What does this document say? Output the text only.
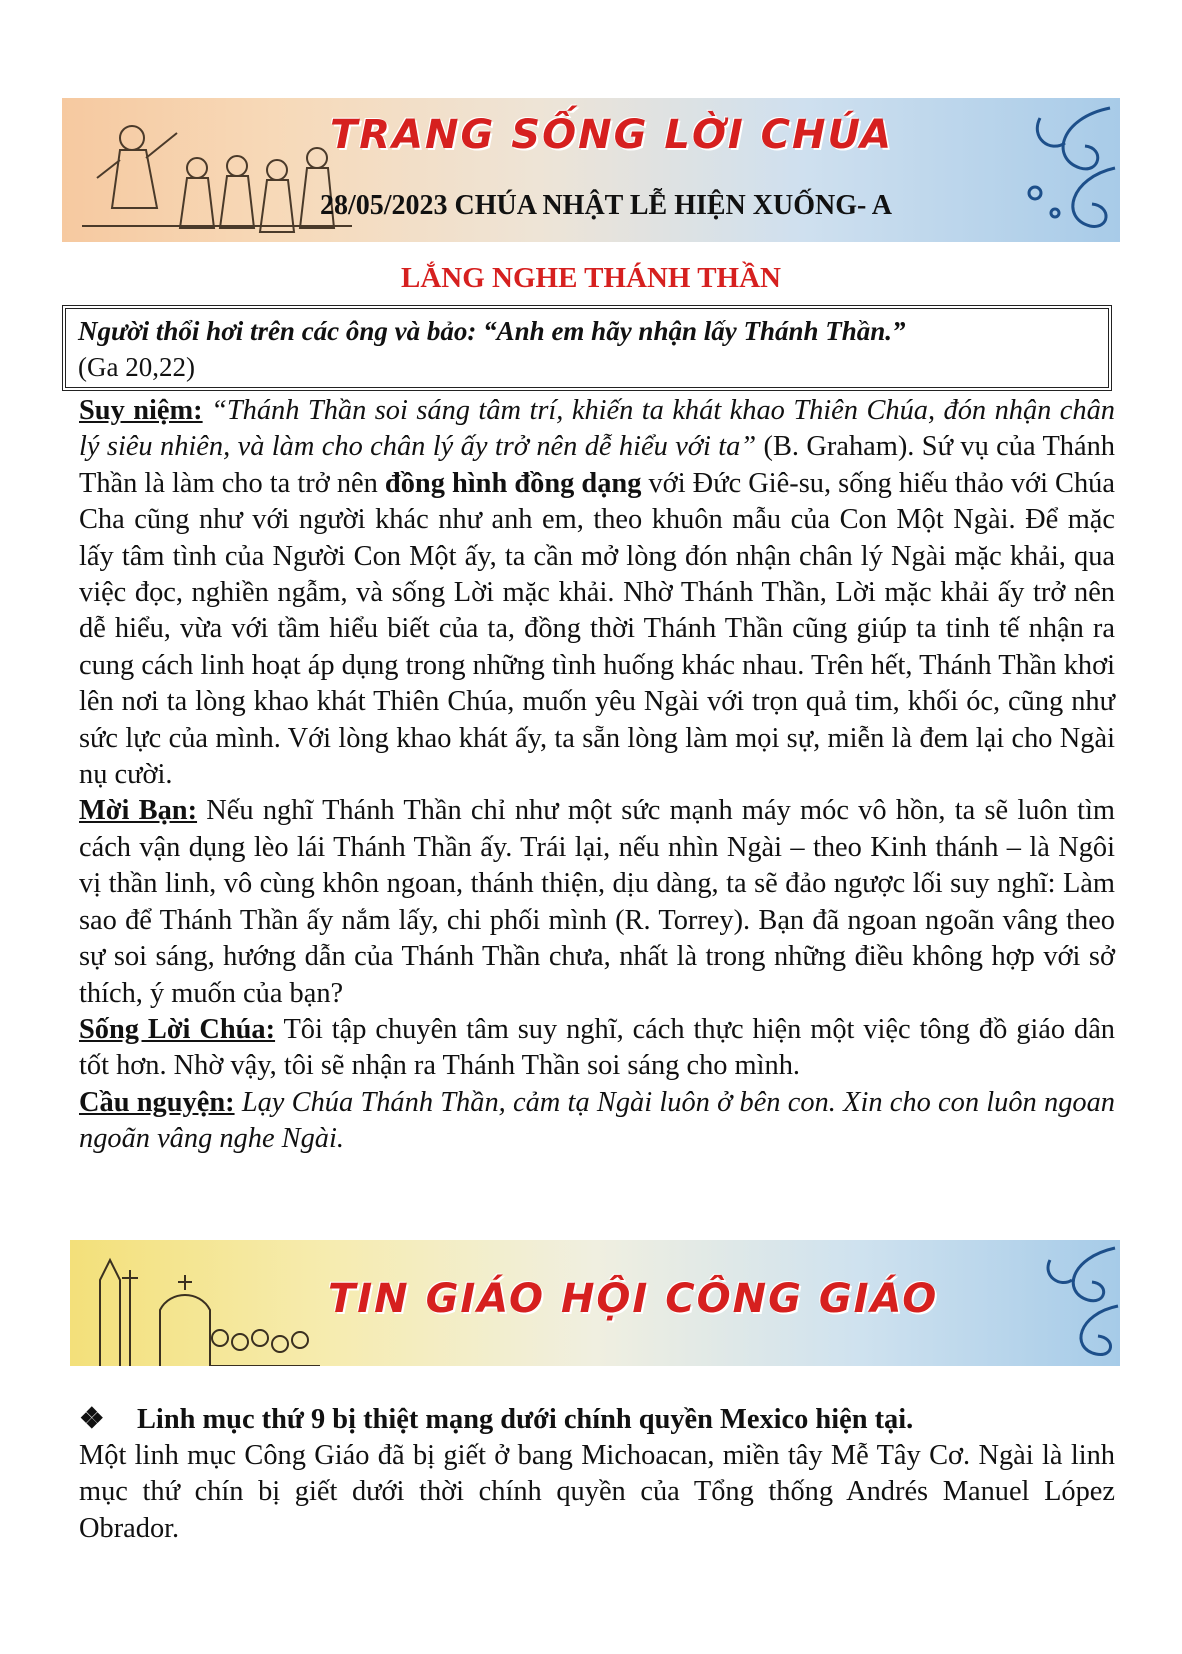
TRANG SỐNG LỜI CHÚA
28/05/2023 CHÚA NHẬT LỄ HIỆN XUỐNG- A
LẮNG NGHE THÁNH THẦN
Người thổi hơi trên các ông và bảo: “Anh em hãy nhận lấy Thánh Thần.”
(Ga 20,22)

Suy niệm: “Thánh Thần soi sáng tâm trí, khiến ta khát khao Thiên Chúa, đón nhận chân lý siêu nhiên, và làm cho chân lý ấy trở nên dễ hiểu với ta” (B. Graham). Sứ vụ của Thánh Thần là làm cho ta trở nên đồng hình đồng dạng với Đức Giê-su, sống hiếu thảo với Chúa Cha cũng như với người khác như anh em, theo khuôn mẫu của Con Một Ngài. Để mặc lấy tâm tình của Người Con Một ấy, ta cần mở lòng đón nhận chân lý Ngài mặc khải, qua việc đọc, nghiền ngẫm, và sống Lời mặc khải. Nhờ Thánh Thần, Lời mặc khải ấy trở nên dễ hiểu, vừa với tầm hiểu biết của ta, đồng thời Thánh Thần cũng giúp ta tinh tế nhận ra cung cách linh hoạt áp dụng trong những tình huống khác nhau. Trên hết, Thánh Thần khơi lên nơi ta lòng khao khát Thiên Chúa, muốn yêu Ngài với trọn quả tim, khối óc, cũng như sức lực của mình. Với lòng khao khát ấy, ta sẵn lòng làm mọi sự, miễn là đem lại cho Ngài nụ cười.

Mời Bạn: Nếu nghĩ Thánh Thần chỉ như một sức mạnh máy móc vô hồn, ta sẽ luôn tìm cách vận dụng lèo lái Thánh Thần ấy. Trái lại, nếu nhìn Ngài – theo Kinh thánh – là Ngôi vị thần linh, vô cùng khôn ngoan, thánh thiện, dịu dàng, ta sẽ đảo ngược lối suy nghĩ: Làm sao để Thánh Thần ấy nắm lấy, chi phối mình (R. Torrey). Bạn đã ngoan ngoãn vâng theo sự soi sáng, hướng dẫn của Thánh Thần chưa, nhất là trong những điều không hợp với sở thích, ý muốn của bạn?

Sống Lời Chúa: Tôi tập chuyên tâm suy nghĩ, cách thực hiện một việc tông đồ giáo dân tốt hơn. Nhờ vậy, tôi sẽ nhận ra Thánh Thần soi sáng cho mình.

Cầu nguyện: Lạy Chúa Thánh Thần, cảm tạ Ngài luôn ở bên con. Xin cho con luôn ngoan ngoãn vâng nghe Ngài.

TIN GIÁO HỘI CÔNG GIÁO
❖ Linh mục thứ 9 bị thiệt mạng dưới chính quyền Mexico hiện tại.

Một linh mục Công Giáo đã bị giết ở bang Michoacan, miền tây Mễ Tây Cơ. Ngài là linh mục thứ chín bị giết dưới thời chính quyền của Tổng thống Andrés Manuel López Obrador.
